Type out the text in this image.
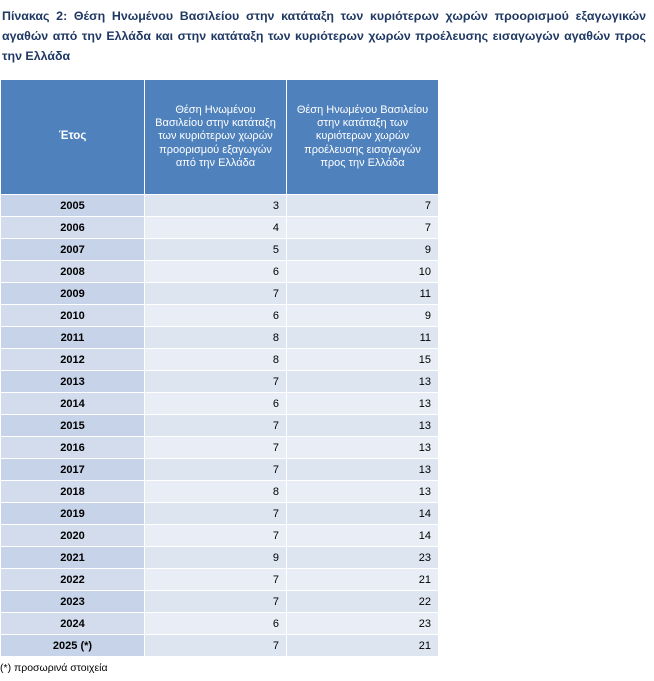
Πίνακας 2: Θέση Ηνωμένου Βασιλείου στην κατάταξη των κυριότερων χωρών προορισμού εξαγωγικών αγαθών από την Ελλάδα και στην κατάταξη των κυριότερων χωρών προέλευσης εισαγωγών αγαθών προς την Ελλάδα
Έτος	Θέση Ηνωμένου Βασιλείου στην κατάταξη των κυριότερων χωρών προορισμού εξαγωγών από την Ελλάδα	Θέση Ηνωμένου Βασιλείου στην κατάταξη των κυριότερων χωρών προέλευσης εισαγωγών προς την Ελλάδα

2005	3	7
2006	4	7
2007	5	9
2008	6	10
2009	7	11
2010	6	9
2011	8	11
2012	8	15
2013	7	13
2014	6	13
2015	7	13
2016	7	13
2017	7	13
2018	8	13
2019	7	14
2020	7	14
2021	9	23
2022	7	21
2023	7	22
2024	6	23
2025 (*)	7	21
(*) προσωρινά στοιχεία
